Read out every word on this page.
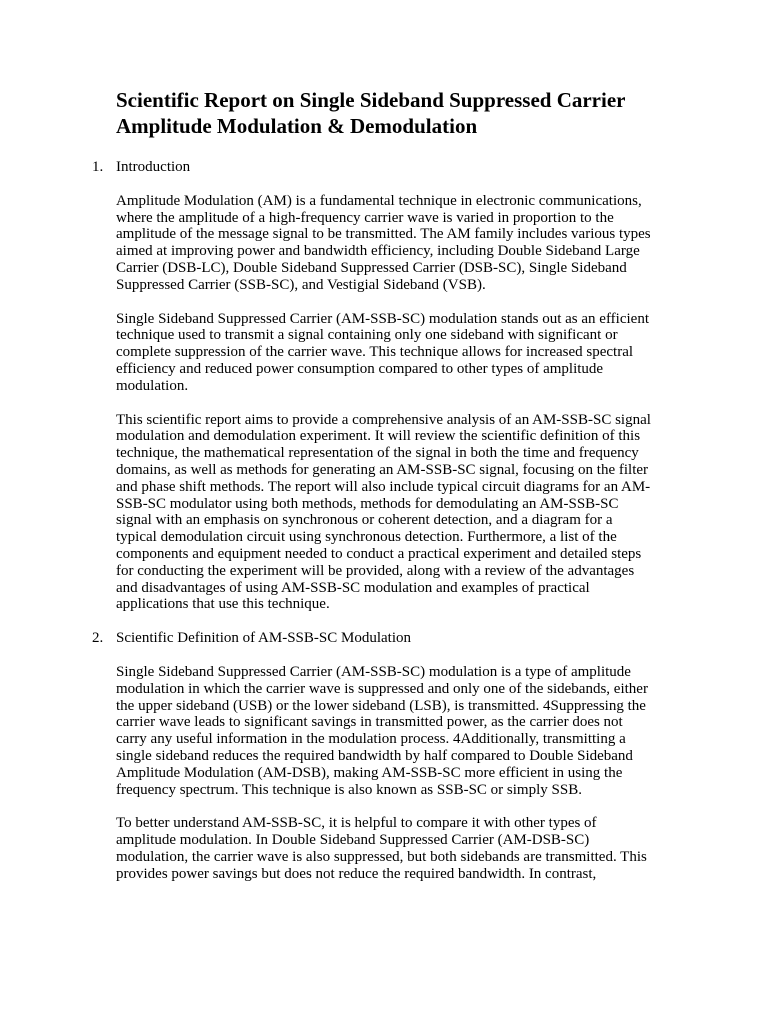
Scientific Report on Single Sideband Suppressed Carrier Amplitude Modulation & Demodulation
1. Introduction

Amplitude Modulation (AM) is a fundamental technique in electronic communications, where the amplitude of a high-frequency carrier wave is varied in proportion to the amplitude of the message signal to be transmitted. The AM family includes various types aimed at improving power and bandwidth efficiency, including Double Sideband Large Carrier (DSB-LC), Double Sideband Suppressed Carrier (DSB-SC), Single Sideband Suppressed Carrier (SSB-SC), and Vestigial Sideband (VSB).

Single Sideband Suppressed Carrier (AM-SSB-SC) modulation stands out as an efficient technique used to transmit a signal containing only one sideband with significant or complete suppression of the carrier wave. This technique allows for increased spectral efficiency and reduced power consumption compared to other types of amplitude modulation.

This scientific report aims to provide a comprehensive analysis of an AM-SSB-SC signal modulation and demodulation experiment. It will review the scientific definition of this technique, the mathematical representation of the signal in both the time and frequency domains, as well as methods for generating an AM-SSB-SC signal, focusing on the filter and phase shift methods. The report will also include typical circuit diagrams for an AM-SSB-SC modulator using both methods, methods for demodulating an AM-SSB-SC signal with an emphasis on synchronous or coherent detection, and a diagram for a typical demodulation circuit using synchronous detection. Furthermore, a list of the components and equipment needed to conduct a practical experiment and detailed steps for conducting the experiment will be provided, along with a review of the advantages and disadvantages of using AM-SSB-SC modulation and examples of practical applications that use this technique.

2. Scientific Definition of AM-SSB-SC Modulation

Single Sideband Suppressed Carrier (AM-SSB-SC) modulation is a type of amplitude modulation in which the carrier wave is suppressed and only one of the sidebands, either the upper sideband (USB) or the lower sideband (LSB), is transmitted. 4Suppressing the carrier wave leads to significant savings in transmitted power, as the carrier does not carry any useful information in the modulation process. 4Additionally, transmitting a single sideband reduces the required bandwidth by half compared to Double Sideband Amplitude Modulation (AM-DSB), making AM-SSB-SC more efficient in using the frequency spectrum. This technique is also known as SSB-SC or simply SSB.

To better understand AM-SSB-SC, it is helpful to compare it with other types of amplitude modulation. In Double Sideband Suppressed Carrier (AM-DSB-SC) modulation, the carrier wave is also suppressed, but both sidebands are transmitted. This provides power savings but does not reduce the required bandwidth. In contrast,
